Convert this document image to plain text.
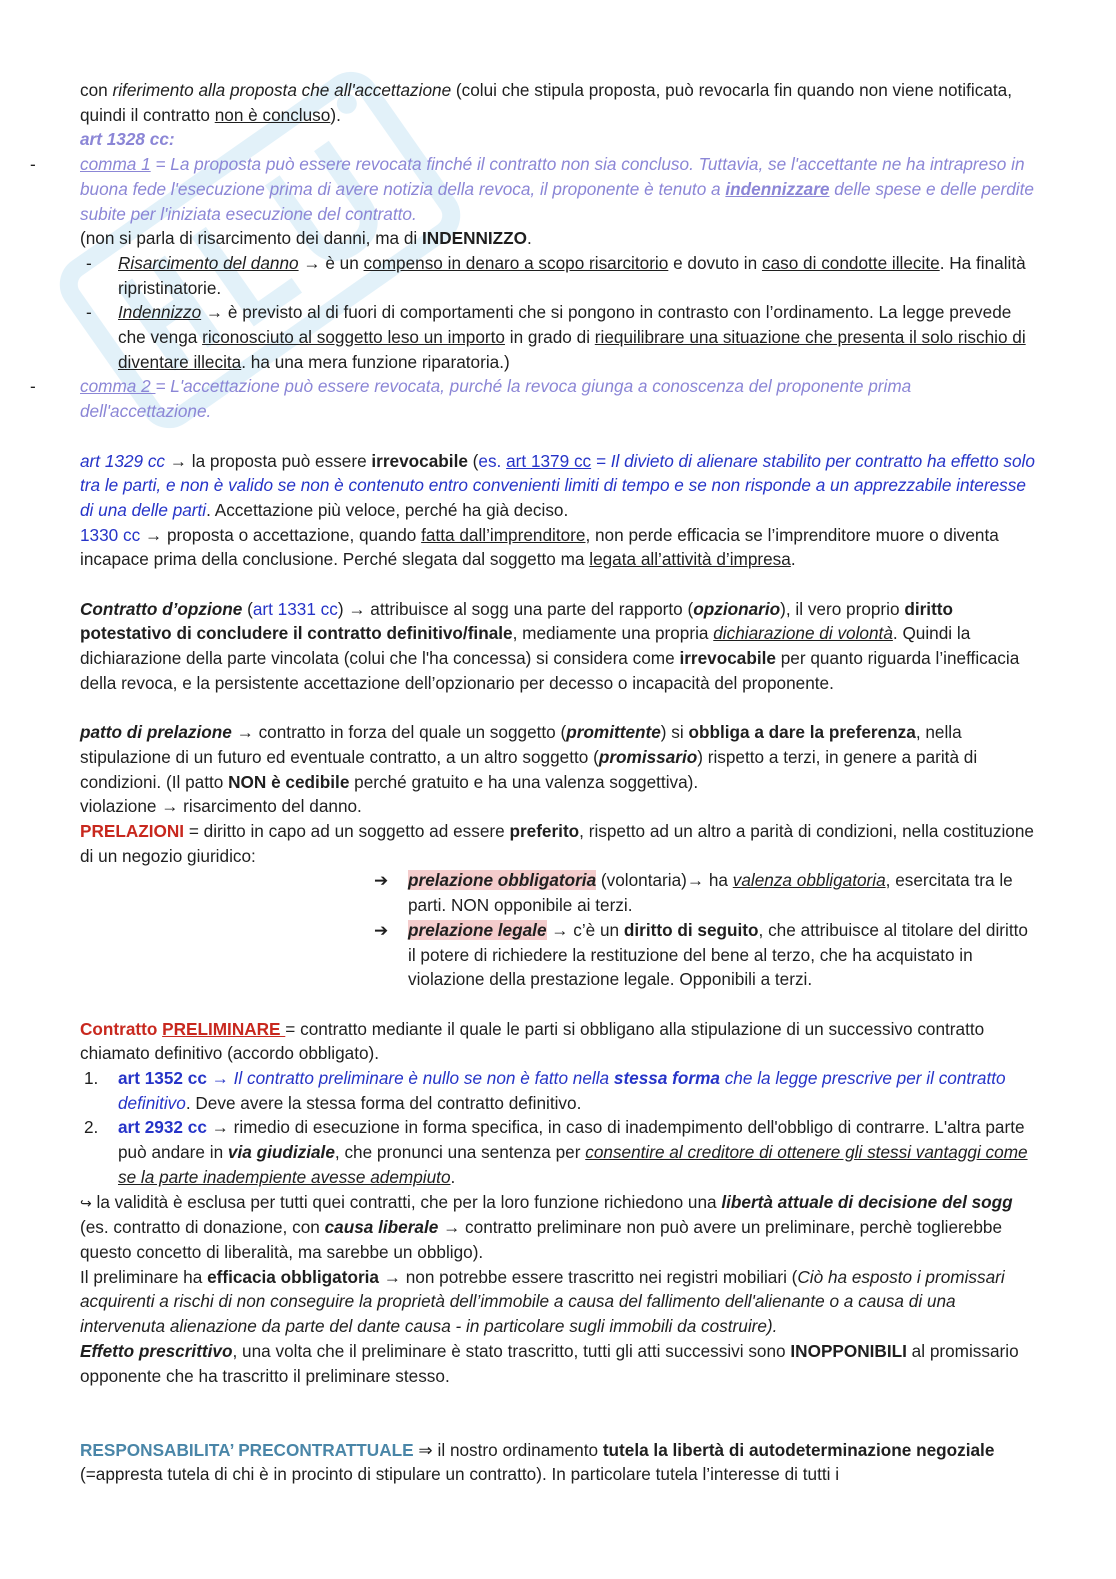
con riferimento alla proposta che all'accettazione (colui che stipula proposta, può revocarla fin quando non viene notificata, quindi il contratto non è concluso).

art 1328 cc:

-	comma 1 = La proposta può essere revocata finché il contratto non sia concluso. Tuttavia, se l'accettante ne ha intrapreso in buona fede l'esecuzione prima di avere notizia della revoca, il proponente è tenuto a indennizzare delle spese e delle perdite subite per l'iniziata esecuzione del contratto.

(non si parla di risarcimento dei danni, ma di INDENNIZZO.

- Risarcimento del danno → è un compenso in denaro a scopo risarcitorio e dovuto in caso di condotte illecite. Ha finalità ripristinatorie.

- Indennizzo → è previsto al di fuori di comportamenti che si pongono in contrasto con l’ordinamento. La legge prevede che venga riconosciuto al soggetto leso un importo in grado di riequilibrare una situazione che presenta il solo rischio di diventare illecita. ha una mera funzione riparatoria.)

-	comma 2 = L'accettazione può essere revocata, purché la revoca giunga a conoscenza del proponente prima dell'accettazione.

art 1329 cc → la proposta può essere irrevocabile (es. art 1379 cc = Il divieto di alienare stabilito per contratto ha effetto solo tra le parti, e non è valido se non è contenuto entro convenienti limiti di tempo e se non risponde a un apprezzabile interesse di una delle parti. Accettazione più veloce, perché ha già deciso.

1330 cc → proposta o accettazione, quando fatta dall’imprenditore, non perde efficacia se l’imprenditore muore o diventa incapace prima della conclusione. Perché slegata dal soggetto ma legata all’attività d’impresa.

Contratto d’opzione (art 1331 cc) → attribuisce al sogg una parte del rapporto (opzionario), il vero proprio diritto potestativo di concludere il contratto definitivo/finale, mediamente una propria dichiarazione di volontà. Quindi la dichiarazione della parte vincolata (colui che l'ha concessa) si considera come irrevocabile per quanto riguarda l’inefficacia della revoca, e la persistente accettazione dell’opzionario per decesso o incapacità del proponente.

patto di prelazione → contratto in forza del quale un soggetto (promittente) si obbliga a dare la preferenza, nella stipulazione di un futuro ed eventuale contratto, a un altro soggetto (promissario) rispetto a terzi, in genere a parità di condizioni. (Il patto NON è cedibile perché gratuito e ha una valenza soggettiva).

violazione → risarcimento del danno.

PRELAZIONI = diritto in capo ad un soggetto ad essere preferito, rispetto ad un altro a parità di condizioni, nella costituzione di un negozio giuridico:

➔ prelazione obbligatoria (volontaria)→ ha valenza obbligatoria, esercitata tra le parti. NON opponibile ai terzi.

➔ prelazione legale → c’è un diritto di seguito, che attribuisce al titolare del diritto il potere di richiedere la restituzione del bene al terzo, che ha acquistato in violazione della prestazione legale. Opponibili a terzi.

Contratto PRELIMINARE = contratto mediante il quale le parti si obbligano alla stipulazione di un successivo contratto chiamato definitivo (accordo obbligato).

1. art 1352 cc → Il contratto preliminare è nullo se non è fatto nella stessa forma che la legge prescrive per il contratto definitivo. Deve avere la stessa forma del contratto definitivo.

2. art 2932 cc → rimedio di esecuzione in forma specifica, in caso di inadempimento dell'obbligo di contrarre. L'altra parte può andare in via giudiziale, che pronunci una sentenza per consentire al creditore di ottenere gli stessi vantaggi come se la parte inadempiente avesse adempiuto.

↪ la validità è esclusa per tutti quei contratti, che per la loro funzione richiedono una libertà attuale di decisione del sogg (es. contratto di donazione, con causa liberale → contratto preliminare non può avere un preliminare, perchè toglierebbe questo concetto di liberalità, ma sarebbe un obbligo).

Il preliminare ha efficacia obbligatoria → non potrebbe essere trascritto nei registri mobiliari (Ciò ha esposto i promissari acquirenti a rischi di non conseguire la proprietà dell’immobile a causa del fallimento dell'alienante o a causa di una intervenuta alienazione da parte del dante causa - in particolare sugli immobili da costruire).

Effetto prescrittivo, una volta che il preliminare è stato trascritto, tutti gli atti successivi sono INOPPONIBILI al promissario opponente che ha trascritto il preliminare stesso.

RESPONSABILITA’ PRECONTRATTUALE ⇒ il nostro ordinamento tutela la libertà di autodeterminazione negoziale (=appresta tutela di chi è in procinto di stipulare un contratto). In particolare tutela l’interesse di tutti i
